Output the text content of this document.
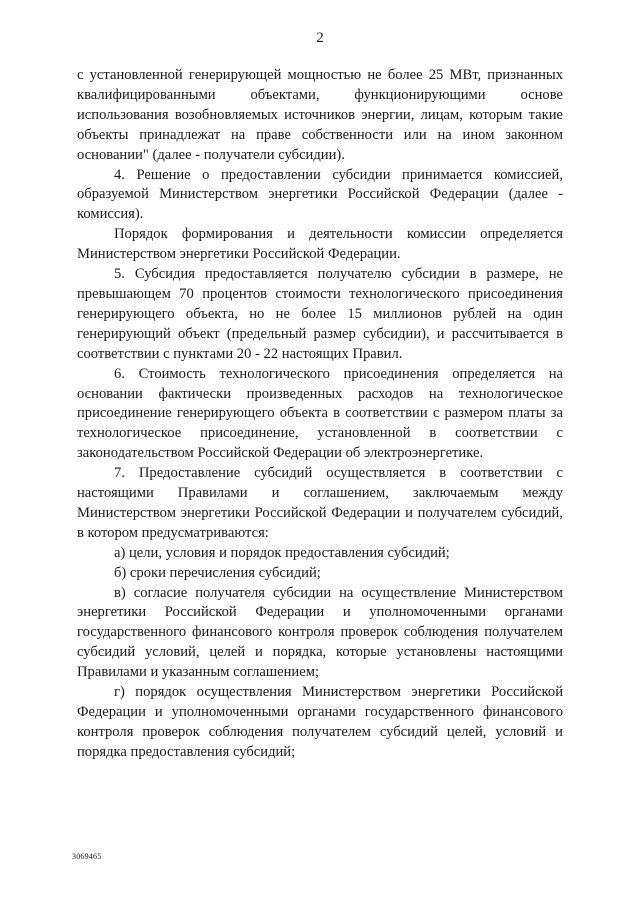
2

с установленной генерирующей мощностью не более 25 МВт, признанных квалифицированными объектами, функционирующими основе использования возобновляемых источников энергии, лицам, которым такие объекты принадлежат на праве собственности или на ином законном основании" (далее - получатели субсидии).

4. Решение о предоставлении субсидии принимается комиссией, образуемой Министерством энергетики Российской Федерации (далее - комиссия).

Порядок формирования и деятельности комиссии определяется Министерством энергетики Российской Федерации.

5. Субсидия предоставляется получателю субсидии в размере, не превышающем 70 процентов стоимости технологического присоединения генерирующего объекта, но не более 15 миллионов рублей на один генерирующий объект (предельный размер субсидии), и рассчитывается в соответствии с пунктами 20 - 22 настоящих Правил.

6. Стоимость технологического присоединения определяется на основании фактически произведенных расходов на технологическое присоединение генерирующего объекта в соответствии с размером платы за технологическое присоединение, установленной в соответствии с законодательством Российской Федерации об электроэнергетике.

7. Предоставление субсидий осуществляется в соответствии с настоящими Правилами и соглашением, заключаемым между Министерством энергетики Российской Федерации и получателем субсидий, в котором предусматриваются:

а) цели, условия и порядок предоставления субсидий;

б) сроки перечисления субсидий;

в) согласие получателя субсидии на осуществление Министерством энергетики Российской Федерации и уполномоченными органами государственного финансового контроля проверок соблюдения получателем субсидий условий, целей и порядка, которые установлены настоящими Правилами и указанным соглашением;

г) порядок осуществления Министерством энергетики Российской Федерации и уполномоченными органами государственного финансового контроля проверок соблюдения получателем субсидий целей, условий и порядка предоставления субсидий;

3069465
